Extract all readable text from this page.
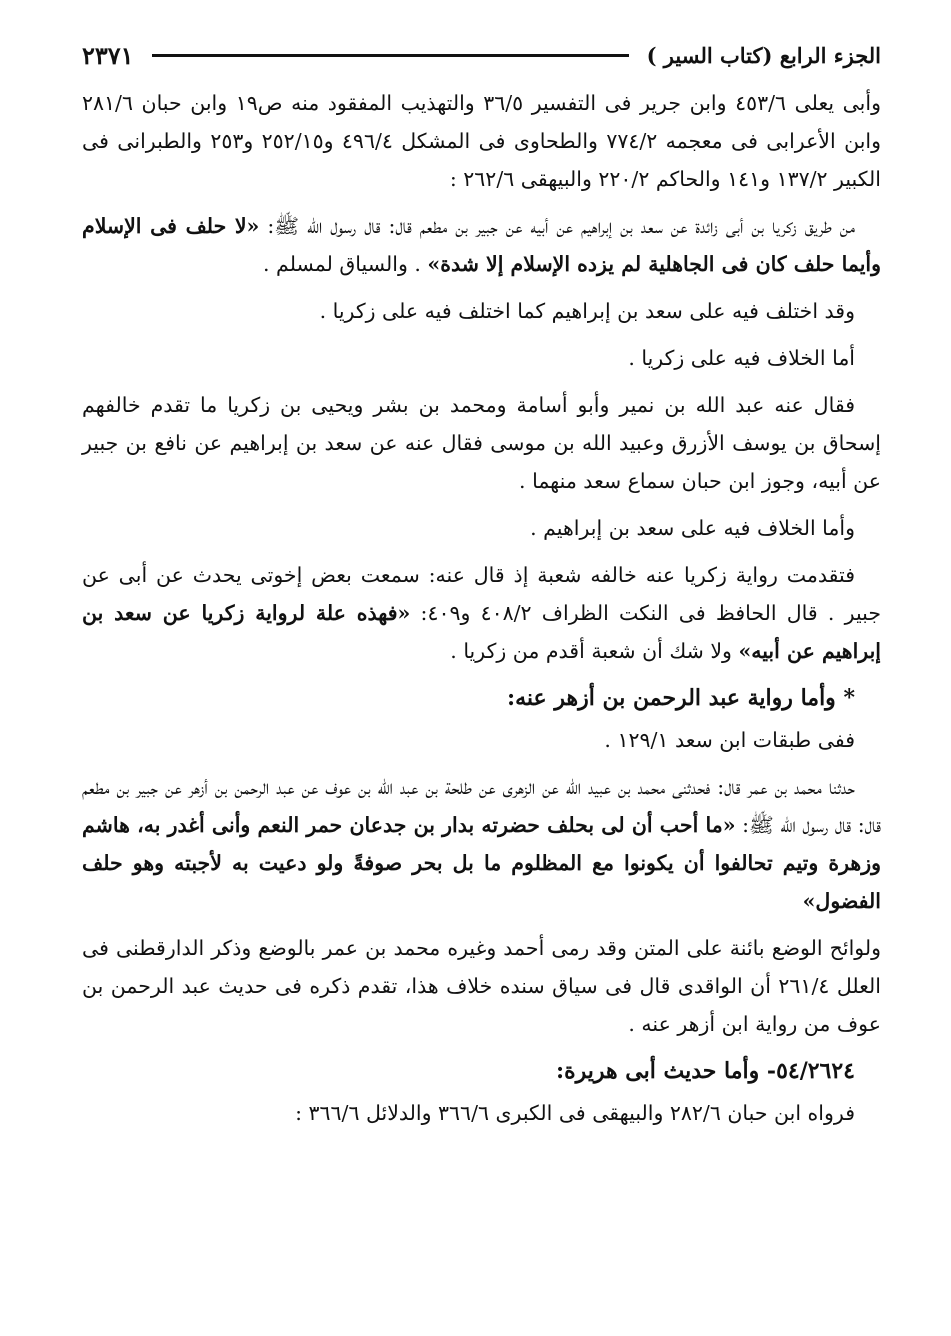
الجزء الرابع (كتاب السير )
٢٣٧١

وأبى يعلى ٤٥٣/٦ وابن جرير فى التفسير ٣٦/٥ والتهذيب المفقود منه ص١٩ وابن حبان ٢٨١/٦ وابن الأعرابى فى معجمه ٧٧٤/٢ والطحاوى فى المشكل ٤٩٦/٤ و٢٥٢/١٥ و٢٥٣ والطبرانى فى الكبير ١٣٧/٢ و١٤١ والحاكم ٢٢٠/٢ والبيهقى ٢٦٢/٦ :

من طريق زكريا بن أبى زائدة عن سعد بن إبراهيم عن أبيه عن جبير بن مطعم قال: قال رسول الله ﷺ: «لا حلف فى الإسلام وأيما حلف كان فى الجاهلية لم يزده الإسلام إلا شدة» . والسياق لمسلم .

وقد اختلف فيه على سعد بن إبراهيم كما اختلف فيه على زكريا .

أما الخلاف فيه على زكريا .

فقال عنه عبد الله بن نمير وأبو أسامة ومحمد بن بشر ويحيى بن زكريا ما تقدم خالفهم إسحاق بن يوسف الأزرق وعبيد الله بن موسى فقال عنه عن سعد بن إبراهيم عن نافع بن جبير عن أبيه، وجوز ابن حبان سماع سعد منهما .

وأما الخلاف فيه على سعد بن إبراهيم .

فتقدمت رواية زكريا عنه خالفه شعبة إذ قال عنه: سمعت بعض إخوتى يحدث عن أبى عن جبير . قال الحافظ فى النكت الظراف ٤٠٨/٢ و٤٠٩: «فهذه علة لرواية زكريا عن سعد بن إبراهيم عن أبيه» ولا شك أن شعبة أقدم من زكريا .

* وأما رواية عبد الرحمن بن أزهر عنه:

ففى طبقات ابن سعد ١٢٩/١ .

حدثنا محمد بن عمر قال: فحدثنى محمد بن عبيد الله عن الزهرى عن طلحة بن عبد الله بن عوف عن عبد الرحمن بن أزهر عن جبير بن مطعم قال: قال رسول الله ﷺ: «ما أحب أن لى بحلف حضرته بدار بن جدعان حمر النعم وأنى أغدر به، هاشم وزهرة وتيم تحالفوا أن يكونوا مع المظلوم ما بل بحر صوفةً ولو دعيت به لأجبته وهو حلف الفضول»

ولوائح الوضع بائنة على المتن وقد رمى أحمد وغيره محمد بن عمر بالوضع وذكر الدارقطنى فى العلل ٢٦١/٤ أن الواقدى قال فى سياق سنده خلاف هذا، تقدم ذكره فى حديث عبد الرحمن بن عوف من رواية ابن أزهر عنه .

٥٤/٢٦٢٤- وأما حديث أبى هريرة:

فرواه ابن حبان ٢٨٢/٦ والبيهقى فى الكبرى ٣٦٦/٦ والدلائل ٣٦٦/٦ :
